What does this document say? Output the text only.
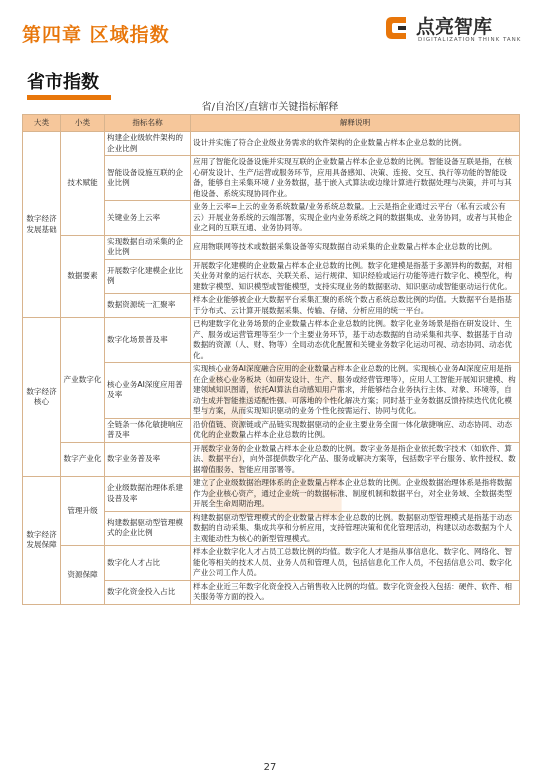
第四章 区域指数	点亮智库
DIGITALIZATION THINK TANK
省市指数
省/自治区/直辖市关键指标解释
大类	小类	指标名称	解释说明
数字经济发展基础	技术赋能	构建企业级软件架构的企业比例	设计并实施了符合企业级业务需求的软件架构的企业数量占样本企业总数的比例。
		智能设备设施互联的企业比例	应用了智能化设备设施并实现互联的企业数量占样本企业总数的比例。智能设备互联是指，在核心研发设计、生产/运营或服务环节，应用具备感知、决策、连接、交互、执行等功能的智能设备，能够自主采集环境 / 业务数据，基于嵌入式算法或边缘计算进行数据处理与决策，并可与其他设备、系统实现协同作业。
		关键业务上云率	业务上云率=上云的业务系统数量/业务系统总数量。上云是指企业通过云平台（私有云或公有云）开展业务系统的云端部署，实现企业内业务系统之间的数据集成、业务协同，或者与其他企业之间的互联互通、业务协同等。
	数据要素	实现数据自动采集的企业比例	应用物联网等技术或数据采集设备等实现数据自动采集的企业数量占样本企业总数的比例。
		开展数字化建模企业比例	开展数字化建模的企业数量占样本企业总数的比例。数字化建模是指基于多源异构的数据，对相关业务对象的运行状态、关联关系、运行规律、知识经验或运行功能等进行数字化、模型化，构建数字模型、知识模型或智能模型，支持实现业务的数据驱动、知识驱动或智能驱动运行优化。
		数据资源统一汇聚率	样本企业能够被企业大数据平台采集汇聚的系统个数占系统总数比例的均值。大数据平台是指基于分布式、云计算开展数据采集、传输、存储、分析应用的统一平台。
数字经济核心	产业数字化	数字化场景普及率	已构建数字化业务场景的企业数量占样本企业总数的比例。数字化业务场景是指在研发设计、生产、服务或运营管理等至少一个主要业务环节，基于动态数据的自动采集和共享、数据基于自动数据的资源（人、财、物等）全局动态优化配置和关键业务数字化运动可视、动态协同、动态优化。
		核心业务AI深度应用普及率	实现核心业务AI深度融合应用的企业数量占样本企业总数的比例。实现核心业务AI深度应用是指在企业核心业务板块（如研发设计、生产、服务或经营管理等），应用人工智能开展知识建模、构建领域知识图谱，依托AI算法自动感知用户需求，并能够结合业务执行主体、对象、环境等，自动生成并智能推送适配性强、可落地的个性化解决方案；同时基于业务数据反馈持续迭代优化模型与方案，从而实现知识驱动的业务个性化按需运行、协同与优化。
		全链条一体化敏捷响应普及率	沿价值链、资源链或产品链实现数据驱动的企业主要业务全面一体化敏捷响应、动态协同、动态优化的企业数量占样本企业总数的比例。
	数字产业化	数字业务普及率	开展数字业务的企业数量占样本企业总数的比例。数字业务是指企业依托数字技术（如软件、算法、数据平台），向外部提供数字化产品、服务或解决方案等，包括数字平台服务、软件授权、数据增值服务、智能应用部署等。
数字经济发展保障	管理升级	企业级数据治理体系建设普及率	建立了企业级数据治理体系的企业数量占样本企业总数的比例。企业级数据治理体系是指将数据作为企业核心资产，通过企业统一的数据标准、制度机制和数据平台，对全业务域、全数据类型开展全生命周期治理。
		构建数据驱动型管理模式的企业比例	构建数据驱动型管理模式的企业数量占样本企业总数的比例。数据驱动型管理模式是指基于动态数据的自动采集、集成共享和分析应用，支持管理决策和优化管理活动，构建以动态数据为个人主观能动性为核心的新型管理模式。
	资源保障	数字化人才占比	样本企业数字化人才占员工总数比例的均值。数字化人才是指从事信息化、数字化、网络化、智能化等相关的技术人员、业务人员和管理人员，包括信息化工作人员，不包括信息公司、数字化产业公司工作人员。
		数字化资金投入占比	样本企业近三年数字化资金投入占销售收入比例的均值。数字化资金投入包括：硬件、软件、相关服务等方面的投入。
27
